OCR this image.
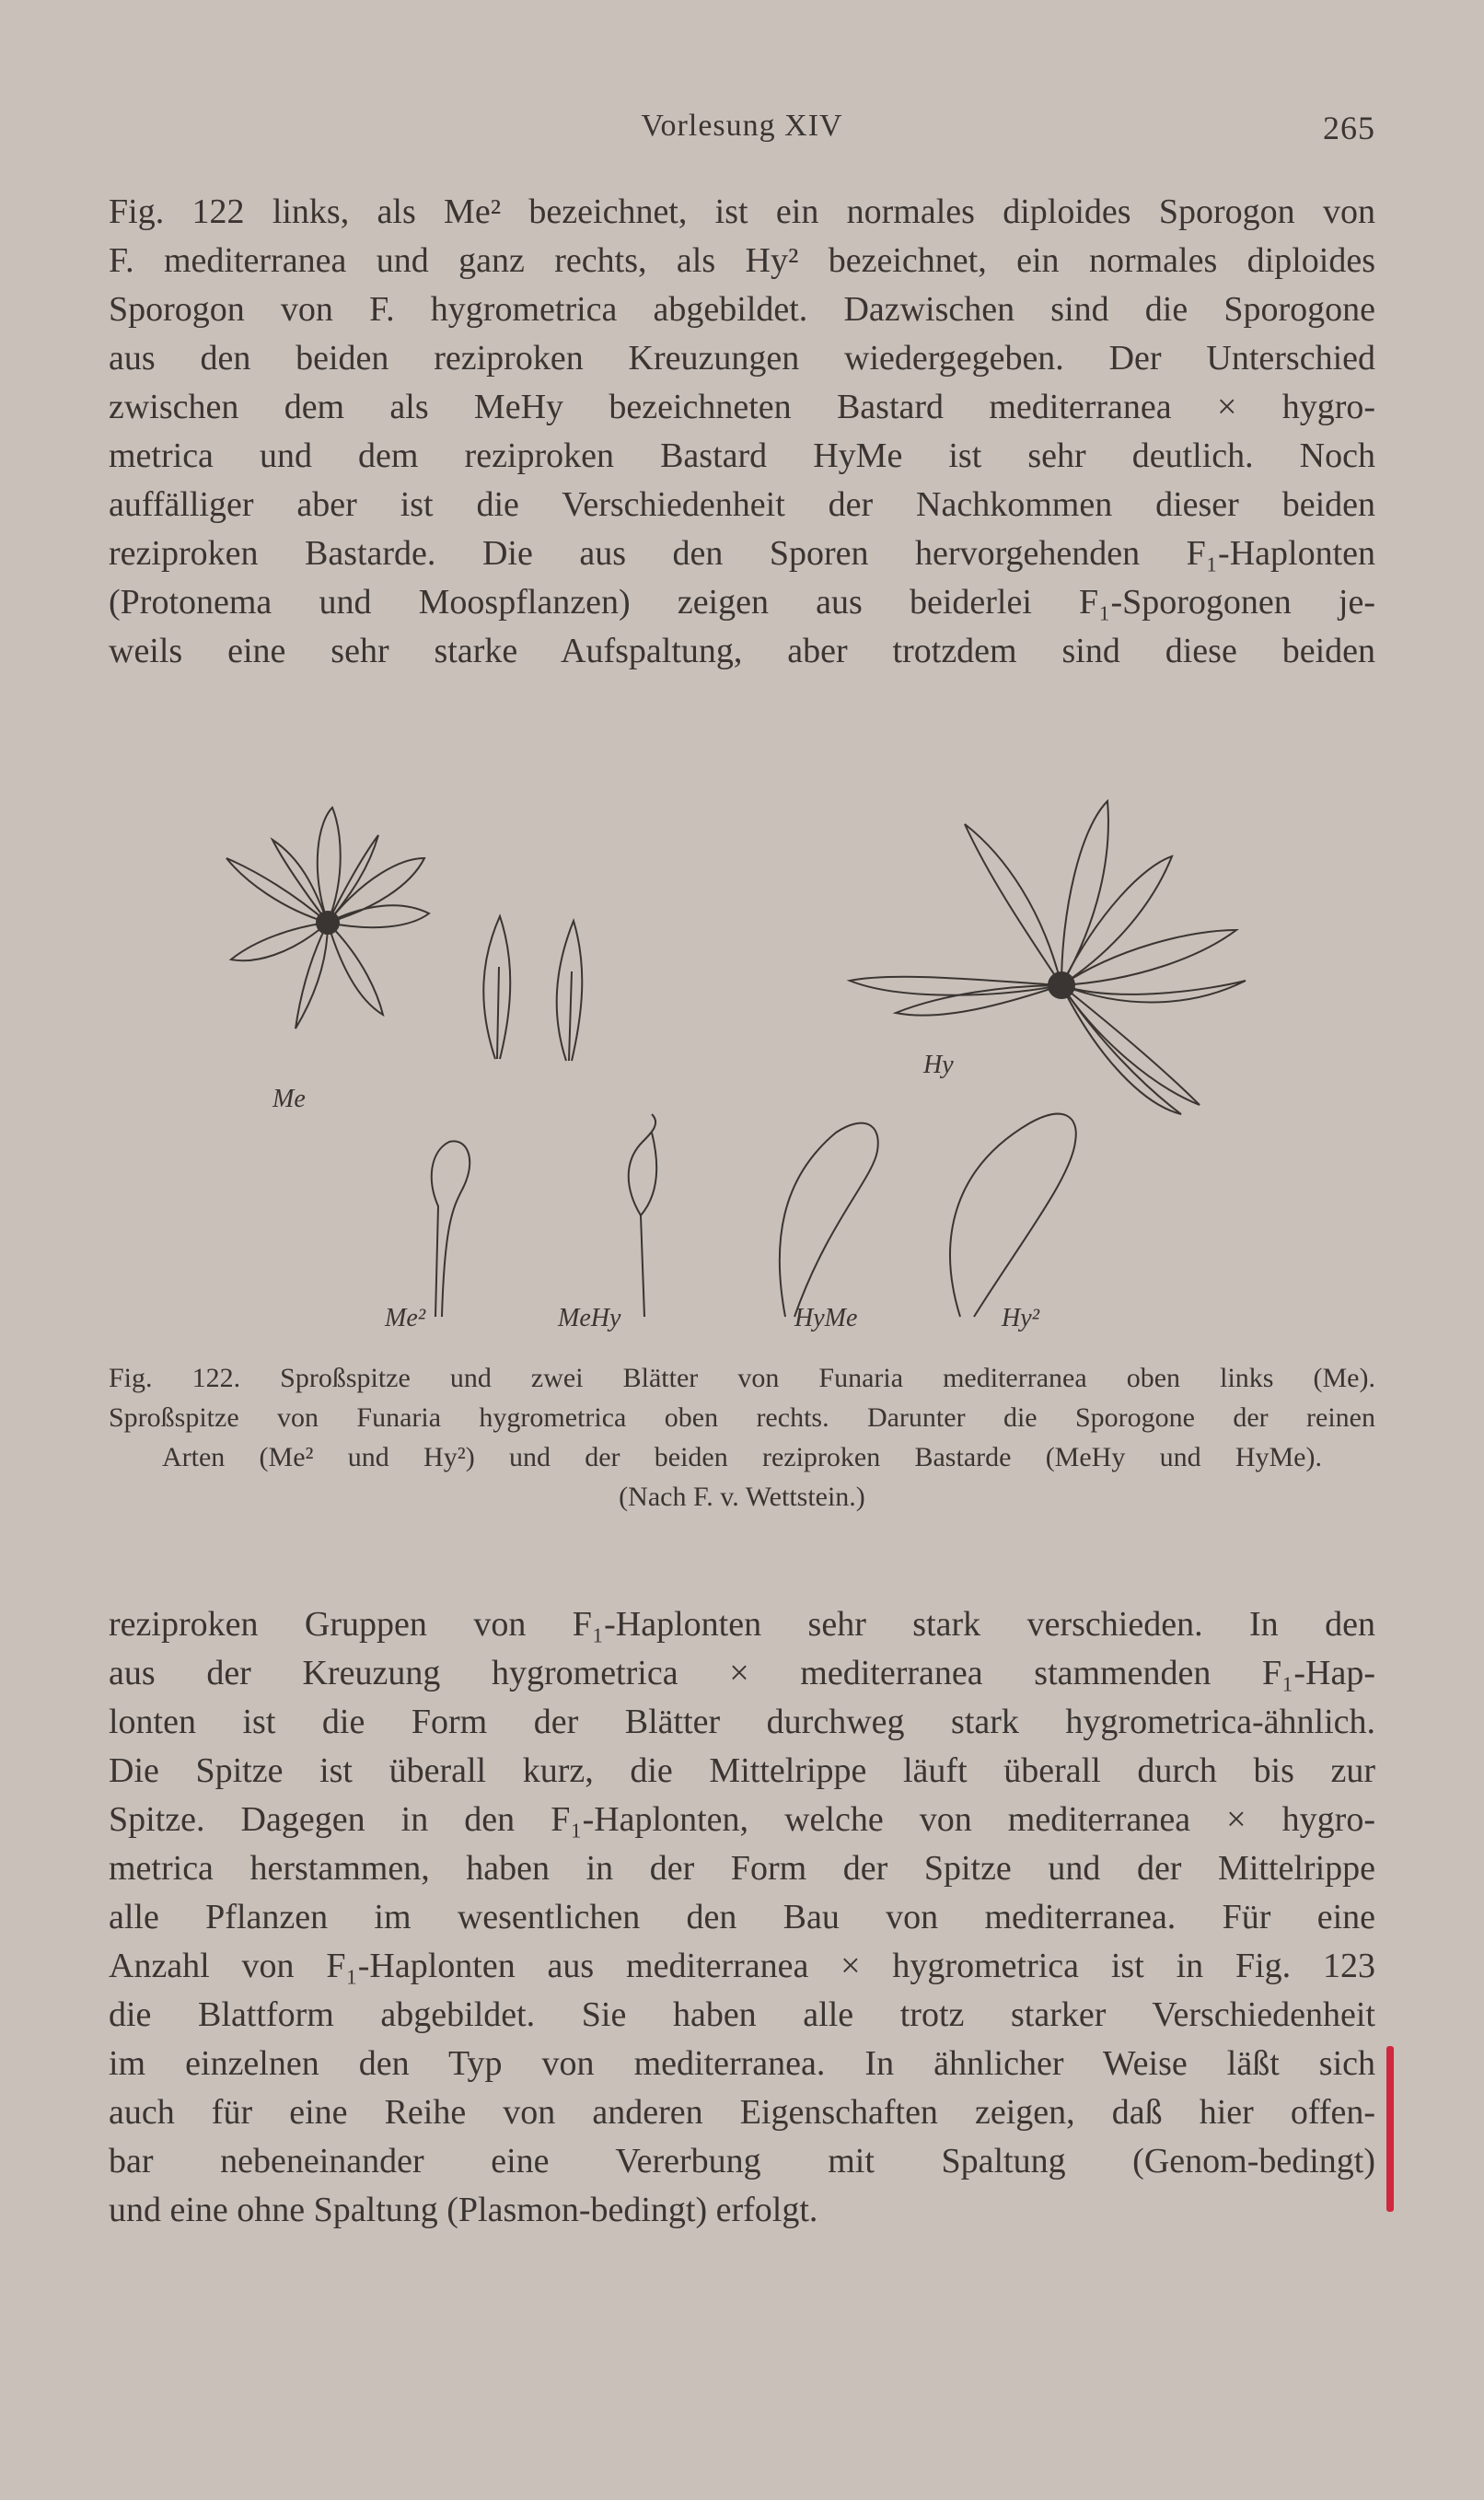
Vorlesung XIV	265
Fig. 122 links, als Me² bezeichnet, ist ein normales diploides Sporogon von
F. mediterranea und ganz rechts, als Hy² bezeichnet, ein normales diploides
Sporogon von F. hygrometrica abgebildet. Dazwischen sind die Sporogone
aus den beiden reziproken Kreuzungen wiedergegeben. Der Unterschied
zwischen dem als MeHy bezeichneten Bastard mediterranea × hygro-
metrica und dem reziproken Bastard HyMe ist sehr deutlich. Noch
auffälliger aber ist die Verschiedenheit der Nachkommen dieser beiden
reziproken Bastarde. Die aus den Sporen hervorgehenden F₁-Haplonten
(Protonema und Moospflanzen) zeigen aus beiderlei F₁-Sporogonen je-
weils eine sehr starke Aufspaltung, aber trotzdem sind diese beiden
Me
Hy
Me²	MeHy	HyMe	Hy²
Fig. 122. Sproßspitze und zwei Blätter von Funaria mediterranea oben links (Me).
Sproßspitze von Funaria hygrometrica oben rechts. Darunter die Sporogone der reinen
Arten (Me² und Hy²) und der beiden reziproken Bastarde (MeHy und HyMe).
(Nach F. v. Wettstein.)
reziproken Gruppen von F₁-Haplonten sehr stark verschieden. In den
aus der Kreuzung hygrometrica × mediterranea stammenden F₁-Hap-
lonten ist die Form der Blätter durchweg stark hygrometrica-ähnlich.
Die Spitze ist überall kurz, die Mittelrippe läuft überall durch bis zur
Spitze. Dagegen in den F₁-Haplonten, welche von mediterranea × hygro-
metrica herstammen, haben in der Form der Spitze und der Mittelrippe
alle Pflanzen im wesentlichen den Bau von mediterranea. Für eine
Anzahl von F₁-Haplonten aus mediterranea × hygrometrica ist in Fig. 123
die Blattform abgebildet. Sie haben alle trotz starker Verschiedenheit
im einzelnen den Typ von mediterranea. In ähnlicher Weise läßt sich
auch für eine Reihe von anderen Eigenschaften zeigen, daß hier offen-
bar nebeneinander eine Vererbung mit Spaltung (Genom-bedingt)
und eine ohne Spaltung (Plasmon-bedingt) erfolgt.
